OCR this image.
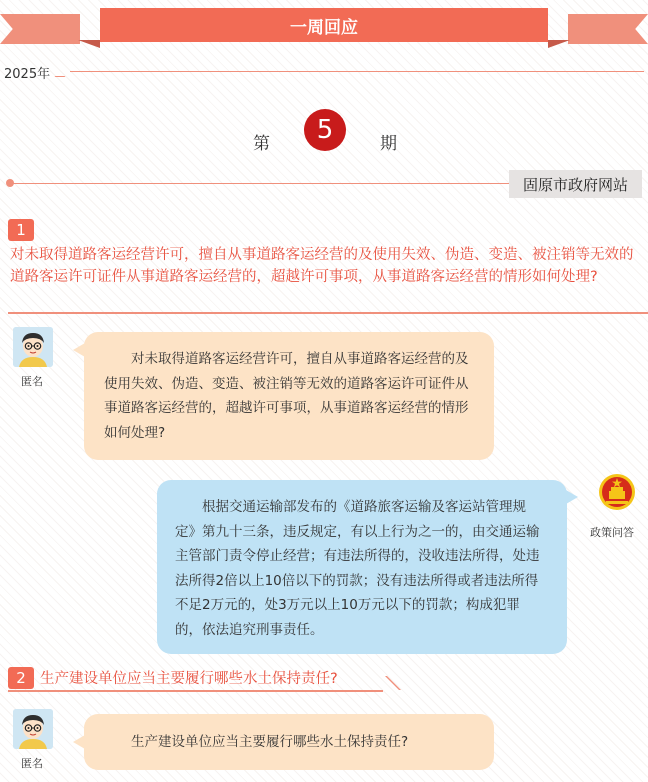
一周回应
2025年
第	5	期
固原市政府网站
1
对未取得道路客运经营许可，擅自从事道路客运经营的及使用失效、伪造、变造、被注销等无效的道路客运许可证件从事道路客运经营的，超越许可事项，从事道路客运经营的情形如何处理?
匿名
对未取得道路客运经营许可，擅自从事道路客运经营的及使用失效、伪造、变造、被注销等无效的道路客运许可证件从事道路客运经营的，超越许可事项，从事道路客运经营的情形如何处理?
政策问答
根据交通运输部发布的《道路旅客运输及客运站管理规定》第九十三条，违反规定，有以上行为之一的，由交通运输主管部门责令停止经营；有违法所得的，没收违法所得，处违法所得2倍以上10倍以下的罚款；没有违法所得或者违法所得不足2万元的，处3万元以上10万元以下的罚款；构成犯罪的，依法追究刑事责任。
2 生产建设单位应当主要履行哪些水土保持责任?
匿名
生产建设单位应当主要履行哪些水土保持责任?
